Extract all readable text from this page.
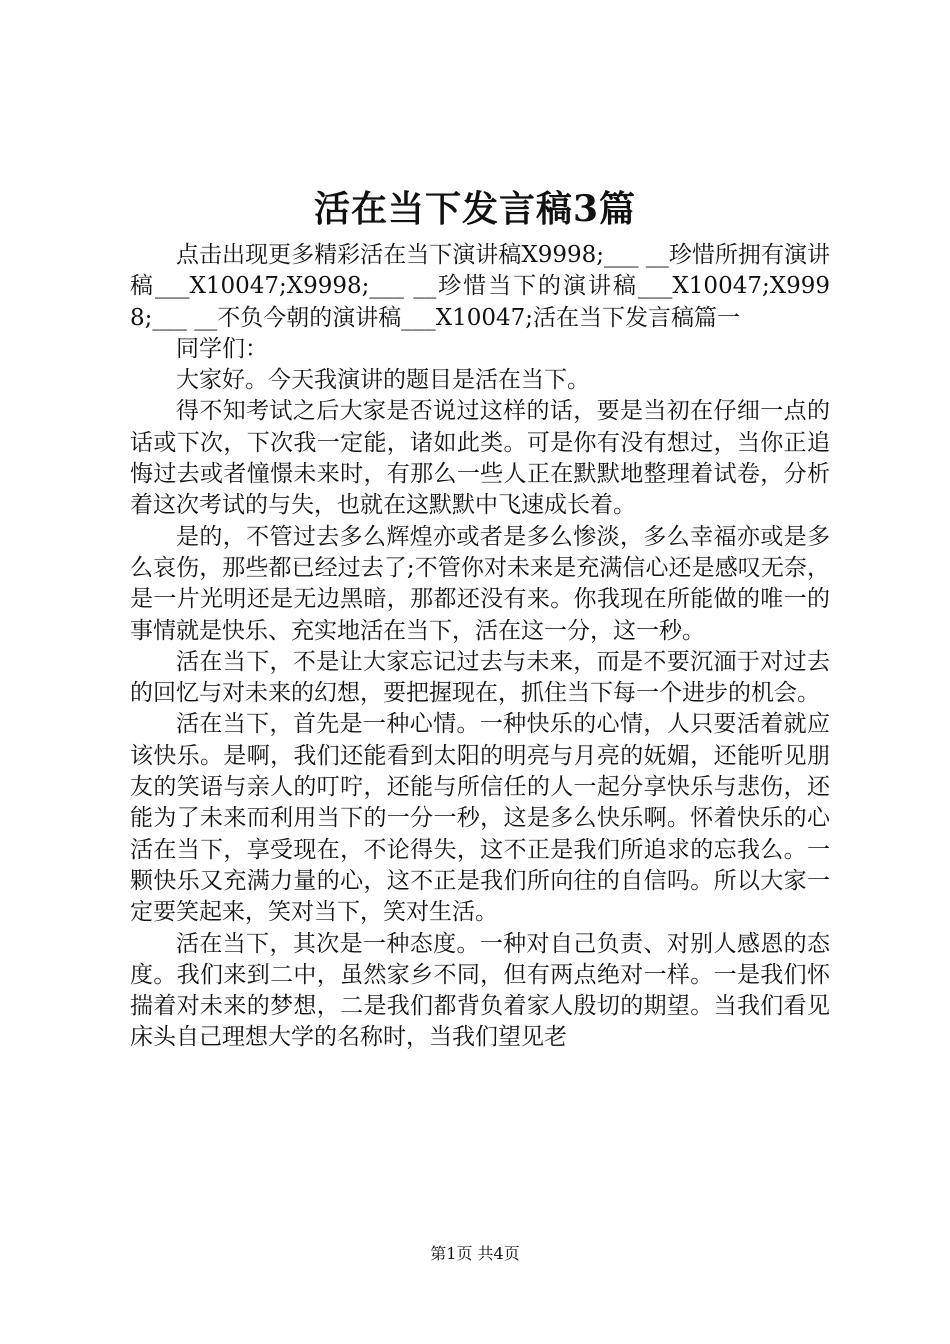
活在当下发言稿3篇

点击出现更多精彩活在当下演讲稿X9998;___ __珍惜所拥有演讲稿___X10047;X9998;___ __珍惜当下的演讲稿___X10047;X9998;___ __不负今朝的演讲稿___X10047;活在当下发言稿篇一

同学们：

大家好。今天我演讲的题目是活在当下。

得不知考试之后大家是否说过这样的话，要是当初在仔细一点的话或下次，下次我一定能，诸如此类。可是你有没有想过，当你正追悔过去或者憧憬未来时，有那么一些人正在默默地整理着试卷，分析着这次考试的与失，也就在这默默中飞速成长着。

是的，不管过去多么辉煌亦或者是多么惨淡，多么幸福亦或是多么哀伤，那些都已经过去了;不管你对未来是充满信心还是感叹无奈，是一片光明还是无边黑暗，那都还没有来。你我现在所能做的唯一的事情就是快乐、充实地活在当下，活在这一分，这一秒。

活在当下，不是让大家忘记过去与未来，而是不要沉湎于对过去的回忆与对未来的幻想，要把握现在，抓住当下每一个进步的机会。

活在当下，首先是一种心情。一种快乐的心情，人只要活着就应该快乐。是啊，我们还能看到太阳的明亮与月亮的妩媚，还能听见朋友的笑语与亲人的叮咛，还能与所信任的人一起分享快乐与悲伤，还能为了未来而利用当下的一分一秒，这是多么快乐啊。怀着快乐的心活在当下，享受现在，不论得失，这不正是我们所追求的忘我么。一颗快乐又充满力量的心，这不正是我们所向往的自信吗。所以大家一定要笑起来，笑对当下，笑对生活。

活在当下，其次是一种态度。一种对自己负责、对别人感恩的态度。我们来到二中，虽然家乡不同，但有两点绝对一样。一是我们怀揣着对未来的梦想，二是我们都背负着家人殷切的期望。当我们看见床头自己理想大学的名称时，当我们望见老

第1页 共4页
